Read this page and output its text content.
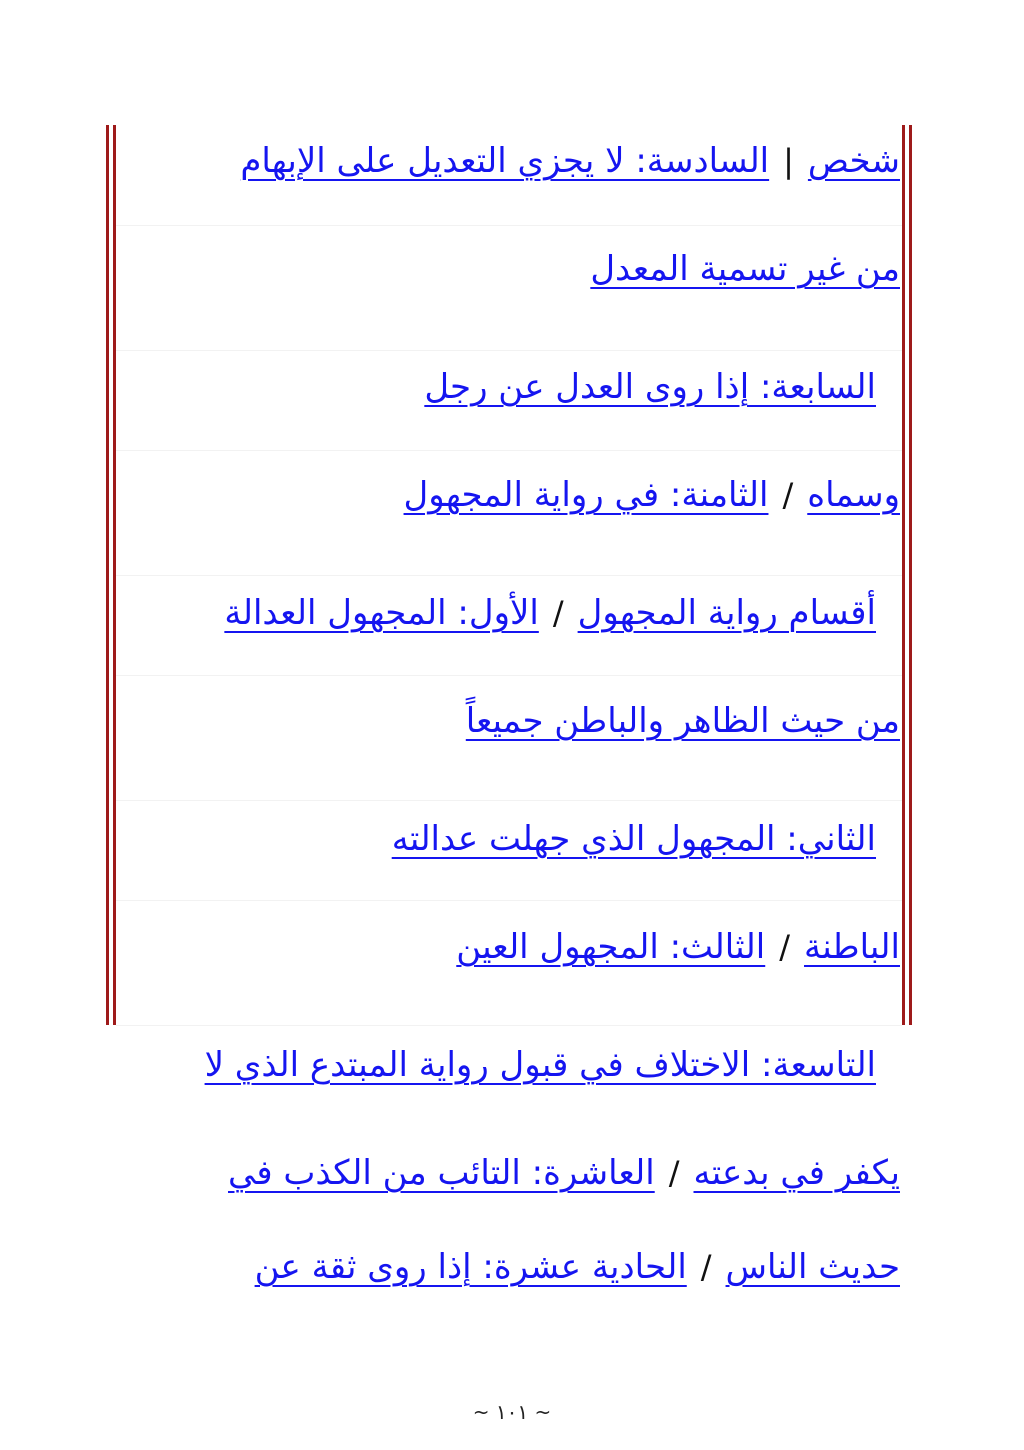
شخص|السادسة: لا يجزي التعديل على الإبهام
من غير تسمية المعدل
السابعة: إذا روى العدل عن رجل
وسماه/الثامنة: في رواية المجهول
أقسام رواية المجهول/الأول: المجهول العدالة
من حيث الظاهر والباطن جميعاً
الثاني: المجهول الذي جهلت عدالته
الباطنة/الثالث: المجهول العين
التاسعة: الاختلاف في قبول رواية المبتدع الذي لا
يكفر في بدعته/العاشرة: التائب من الكذب في
حديث الناس/الحادية عشرة: إذا روى ثقة عن
~ ١٠١ ~
